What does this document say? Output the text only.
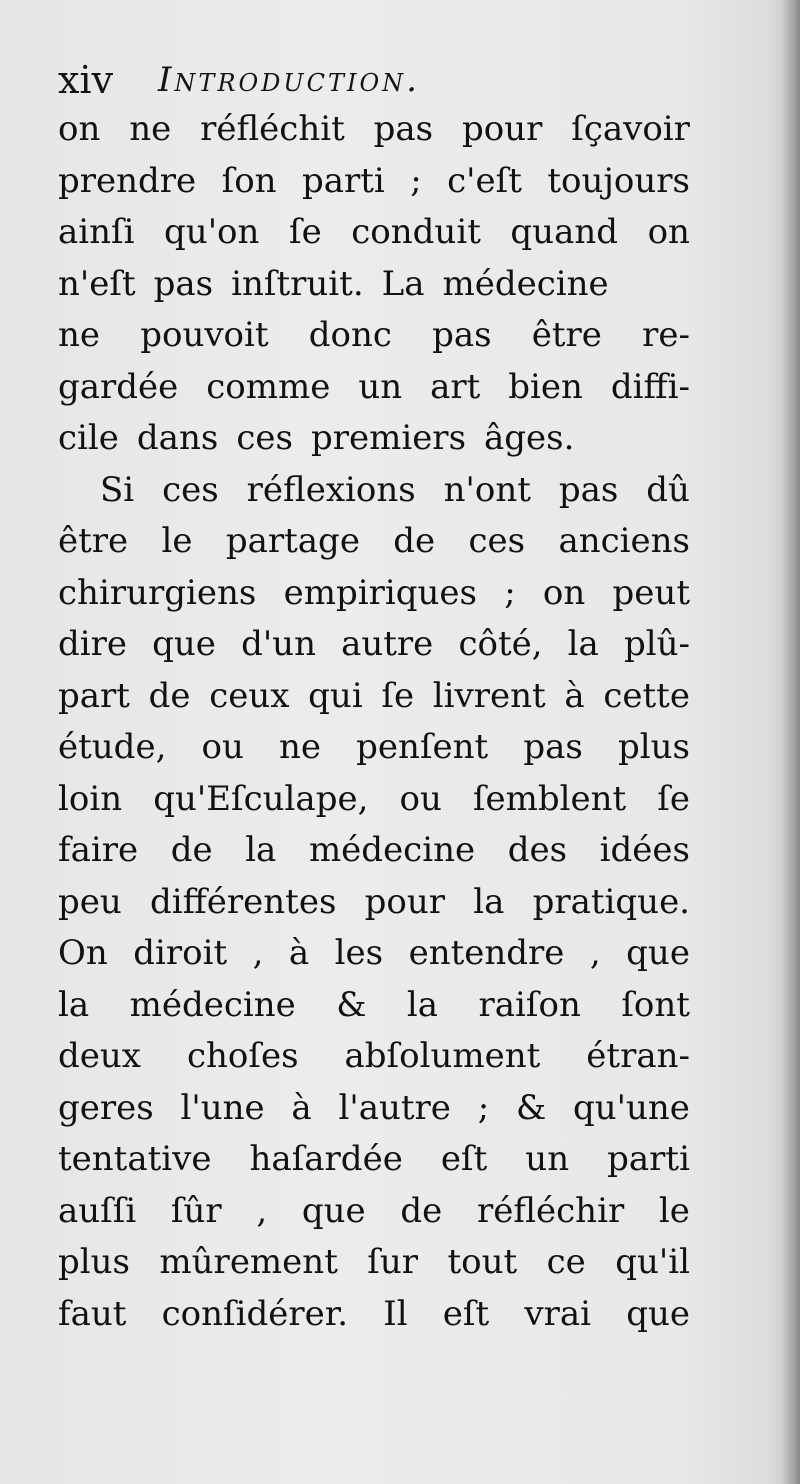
xiv Introduction.
on ne réfléchit pas pour ſçavoir
prendre ſon parti ; c'eſt toujours
ainſi qu'on ſe conduit quand on
n'eſt pas inſtruit. La médecine
ne pouvoit donc pas être re-
gardée comme un art bien diffi-
cile dans ces premiers âges.
Si ces réflexions n'ont pas dû
être le partage de ces anciens
chirurgiens empiriques ; on peut
dire que d'un autre côté, la plû-
part de ceux qui ſe livrent à cette
étude, ou ne penſent pas plus
loin qu'Eſculape, ou ſemblent ſe
faire de la médecine des idées
peu différentes pour la pratique.
On diroit , à les entendre , que
la médecine & la raiſon ſont
deux choſes abſolument étran-
geres l'une à l'autre ; & qu'une
tentative haſardée eſt un parti
auſſi ſûr , que de réfléchir le
plus mûrement ſur tout ce qu'il
faut conſidérer. Il eſt vrai que
